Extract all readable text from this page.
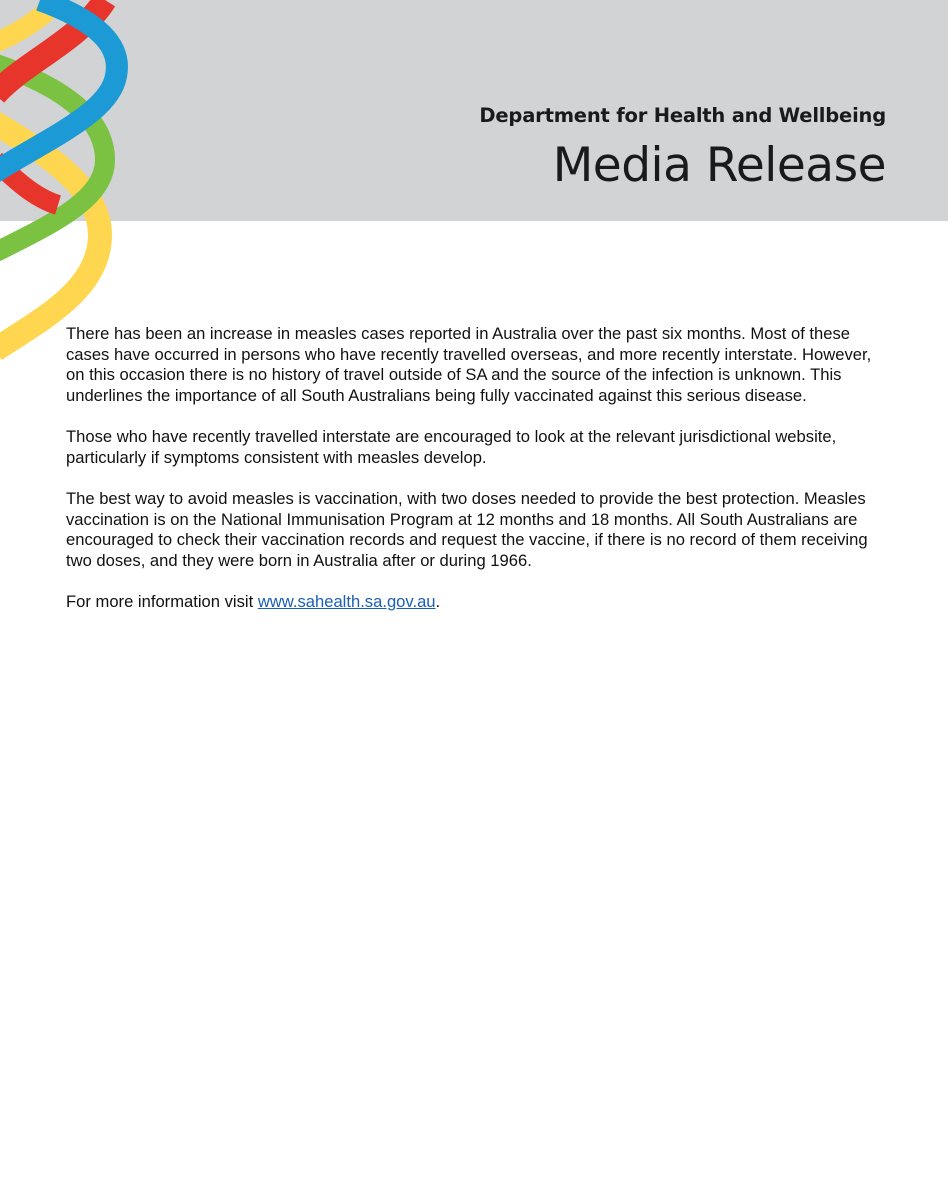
Department for Health and Wellbeing
Media Release

There has been an increase in measles cases reported in Australia over the past six months. Most of these cases have occurred in persons who have recently travelled overseas, and more recently interstate. However, on this occasion there is no history of travel outside of SA and the source of the infection is unknown. This underlines the importance of all South Australians being fully vaccinated against this serious disease.

Those who have recently travelled interstate are encouraged to look at the relevant jurisdictional website, particularly if symptoms consistent with measles develop.

The best way to avoid measles is vaccination, with two doses needed to provide the best protection. Measles vaccination is on the National Immunisation Program at 12 months and 18 months. All South Australians are encouraged to check their vaccination records and request the vaccine, if there is no record of them receiving two doses, and they were born in Australia after or during 1966.

For more information visit www.sahealth.sa.gov.au.
